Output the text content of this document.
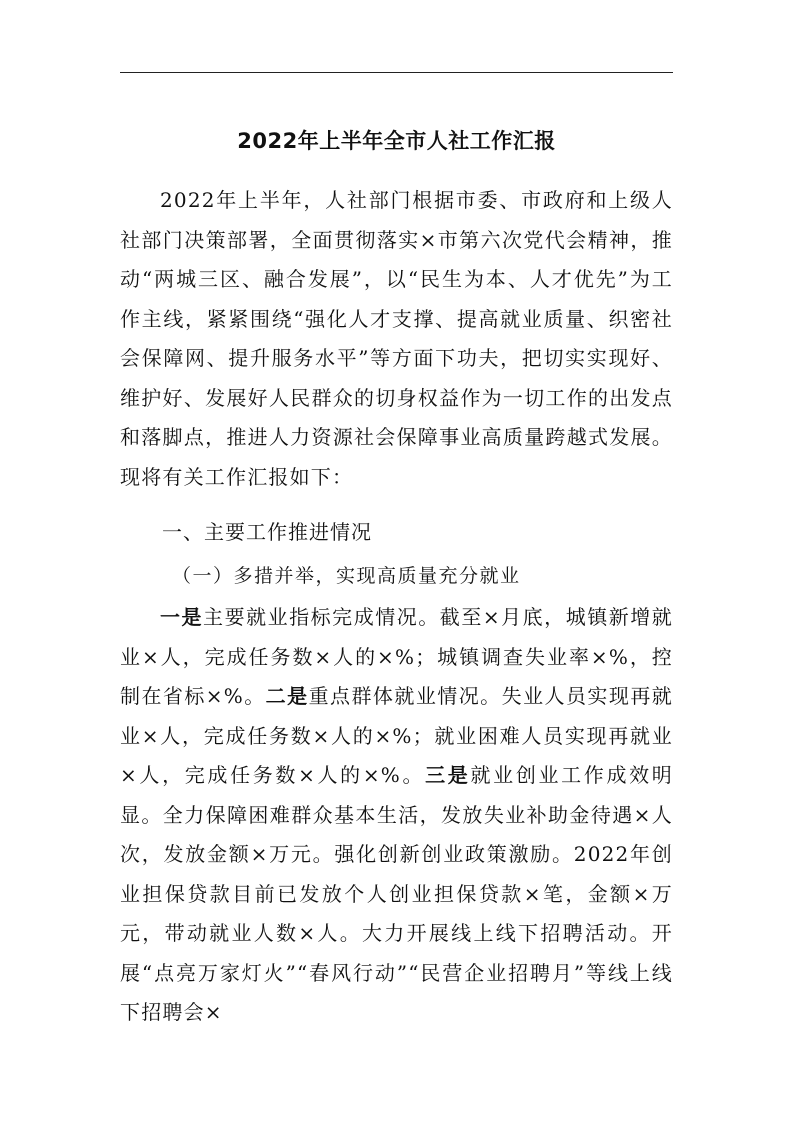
2022年上半年全市人社工作汇报

2022年上半年，人社部门根据市委、市政府和上级人社部门决策部署，全面贯彻落实×市第六次党代会精神，推动“两城三区、融合发展”，以“民生为本、人才优先”为工作主线，紧紧围绕“强化人才支撑、提高就业质量、织密社会保障网、提升服务水平”等方面下功夫，把切实实现好、维护好、发展好人民群众的切身权益作为一切工作的出发点和落脚点，推进人力资源社会保障事业高质量跨越式发展。现将有关工作汇报如下：

一、主要工作推进情况
（一）多措并举，实现高质量充分就业

一是主要就业指标完成情况。截至×月底，城镇新增就业×人，完成任务数×人的×%；城镇调查失业率×%，控制在省标×%。二是重点群体就业情况。失业人员实现再就业×人，完成任务数×人的×%；就业困难人员实现再就业×人，完成任务数×人的×%。三是就业创业工作成效明显。全力保障困难群众基本生活，发放失业补助金待遇×人次，发放金额×万元。强化创新创业政策激励。2022年创业担保贷款目前已发放个人创业担保贷款×笔，金额×万元，带动就业人数×人。大力开展线上线下招聘活动。开展“点亮万家灯火”“春风行动”“民营企业招聘月”等线上线下招聘会×
